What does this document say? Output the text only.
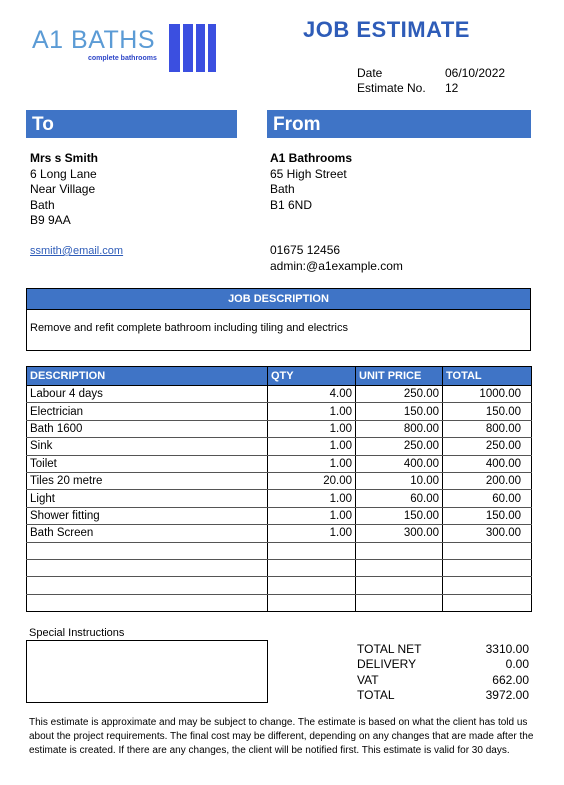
A1 BATHS
complete bathrooms
JOB ESTIMATE
Date	06/10/2022
Estimate No. 12
To	From
Mrs s Smith
6 Long Lane
Near Village
Bath
B9 9AA
ssmith@email.com
A1 Bathrooms
65 High Street
Bath
B1 6ND
01675 12456
admin:@a1example.com
JOB DESCRIPTION
Remove and refit complete bathroom including tiling and electrics
DESCRIPTION	QTY	UNIT PRICE	TOTAL
Labour 4 days	4.00	250.00	1000.00
Electrician	1.00	150.00	150.00
Bath 1600	1.00	800.00	800.00
Sink	1.00	250.00	250.00
Toilet	1.00	400.00	400.00
Tiles 20 metre	20.00	10.00	200.00
Light	1.00	60.00	60.00
Shower fitting	1.00	150.00	150.00
Bath Screen	1.00	300.00	300.00

Special Instructions
TOTAL NET	3310.00
DELIVERY	0.00
VAT	662.00
TOTAL	3972.00
This estimate is approximate and may be subject to change. The estimate is based on what the client has told us about the project requirements. The final cost may be different, depending on any changes that are made after the estimate is created. If there are any changes, the client will be notified first. This estimate is valid for 30 days.
